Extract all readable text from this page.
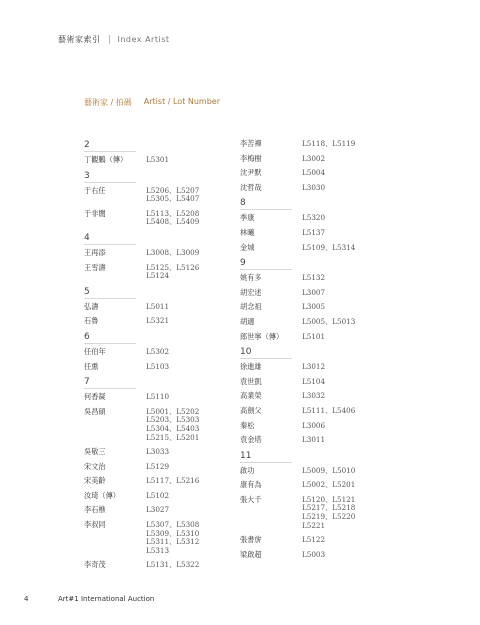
藝術家索引 Index Artist
藝術家 / 拍碼 Artist / Lot Number
2
丁觀鵬（傳）	L5301
3
于右任	L5206、L5207
L5305、L5407
于非闇	L5113、L5208
L5408、L5409
4
王再添	L3008、L3009
王雪濤	L5125、L5126
L5124
5
弘濤	L5011
石魯	L5321
6
任伯年	L5302
任熏	L5103
7
何香凝	L5110
吳昌碩	L5001、L5202
L5203、L5303
L5304、L5403
L5215、L5201
吳敬三	L3033
宋文治	L5129
宋美齡	L5117、L5216
汝琦（傳）	L5102
李石樵	L3027
李叔同	L5307、L5308
L5309、L5310
L5311、L5312
L5313
李奇茂	L5131、L5322
李苦禪	L5118、L5119
李梅樹	L3002
沈尹默	L5004
沈哲哉	L3030
8
季康	L5320
林曦	L5137
金城	L5109、L5314
9
姚有多	L5132
胡宏述	L3007
胡念祖	L3005
胡適	L5005、L5013
郎世寧（傳）	L5101
10
徐進雄	L3012
袁世凱	L5104
高業榮	L3032
高劍父	L5111、L5406
秦松	L3006
袁金塔	L3011
11
啟功	L5009、L5010
康有為	L5002、L5201
張大千	L5120、L5121
L5217、L5218
L5219、L5220
L5221
張書旂	L5122
梁啟超	L5003
4	Art#1 International Auction
